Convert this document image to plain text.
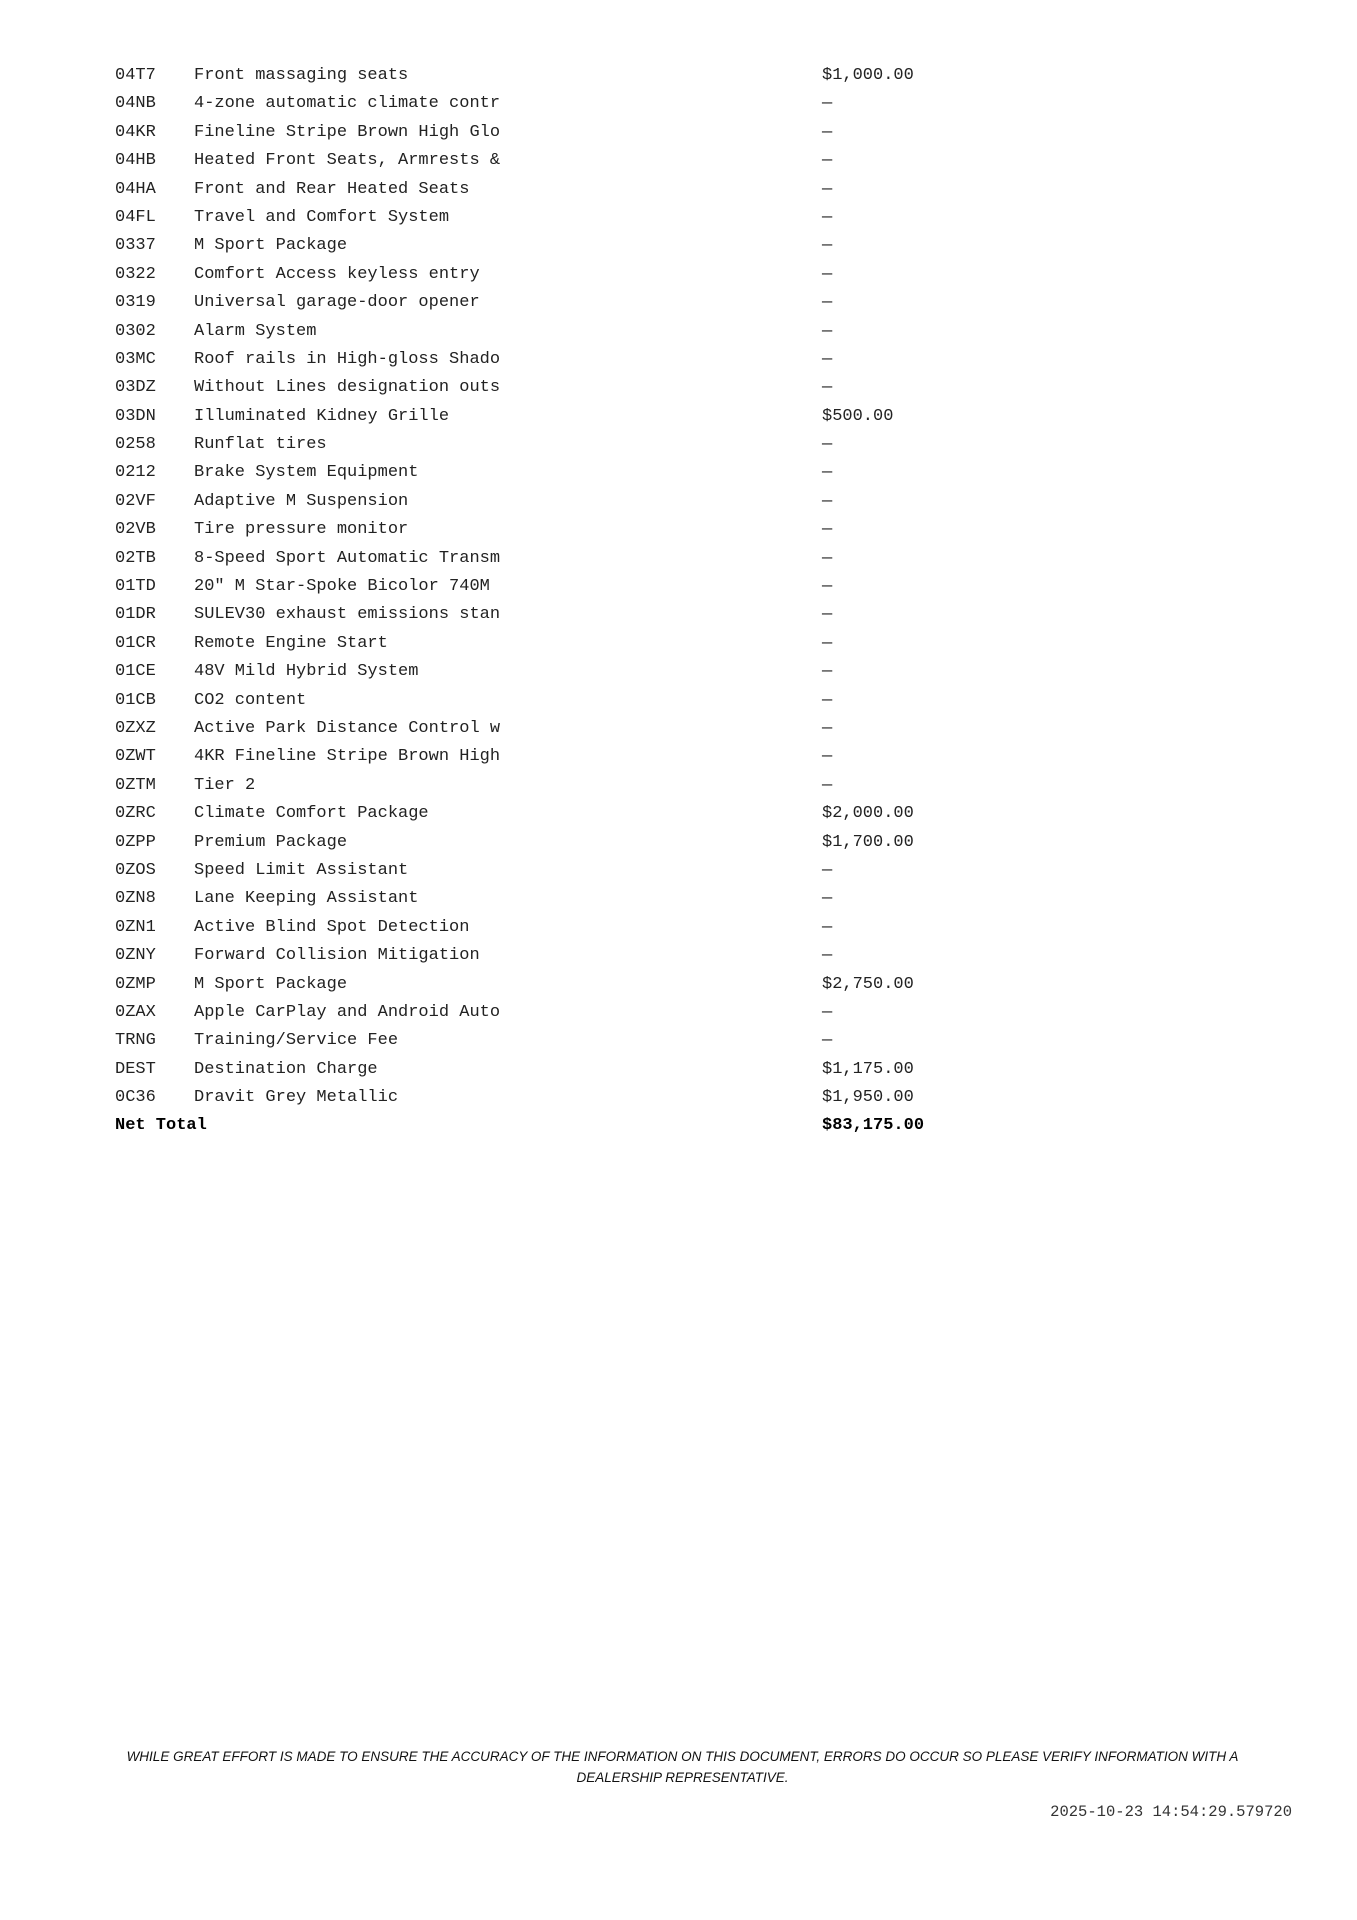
04T7	Front massaging seats	$1,000.00
04NB	4-zone automatic climate contr	—
04KR	Fineline Stripe Brown High Glo	—
04HB	Heated Front Seats, Armrests &	—
04HA	Front and Rear Heated Seats	—
04FL	Travel and Comfort System	—
0337	M Sport Package	—
0322	Comfort Access keyless entry	—
0319	Universal garage-door opener	—
0302	Alarm System	—
03MC	Roof rails in High-gloss Shado	—
03DZ	Without Lines designation outs	—
03DN	Illuminated Kidney Grille	$500.00
0258	Runflat tires	—
0212	Brake System Equipment	—
02VF	Adaptive M Suspension	—
02VB	Tire pressure monitor	—
02TB	8-Speed Sport Automatic Transm	—
01TD	20" M Star-Spoke Bicolor 740M	—
01DR	SULEV30 exhaust emissions stan	—
01CR	Remote Engine Start	—
01CE	48V Mild Hybrid System	—
01CB	CO2 content	—
0ZXZ	Active Park Distance Control w	—
0ZWT	4KR Fineline Stripe Brown High	—
0ZTM	Tier 2	—
0ZRC	Climate Comfort Package	$2,000.00
0ZPP	Premium Package	$1,700.00
0ZOS	Speed Limit Assistant	—
0ZN8	Lane Keeping Assistant	—
0ZN1	Active Blind Spot Detection	—
0ZNY	Forward Collision Mitigation	—
0ZMP	M Sport Package	$2,750.00
0ZAX	Apple CarPlay and Android Auto	—
TRNG	Training/Service Fee	—
DEST	Destination Charge	$1,175.00
0C36	Dravit Grey Metallic	$1,950.00
Net Total	$83,175.00
WHILE GREAT EFFORT IS MADE TO ENSURE THE ACCURACY OF THE INFORMATION ON THIS DOCUMENT, ERRORS DO OCCUR SO PLEASE VERIFY INFORMATION WITH A DEALERSHIP REPRESENTATIVE.
2025-10-23 14:54:29.579720
